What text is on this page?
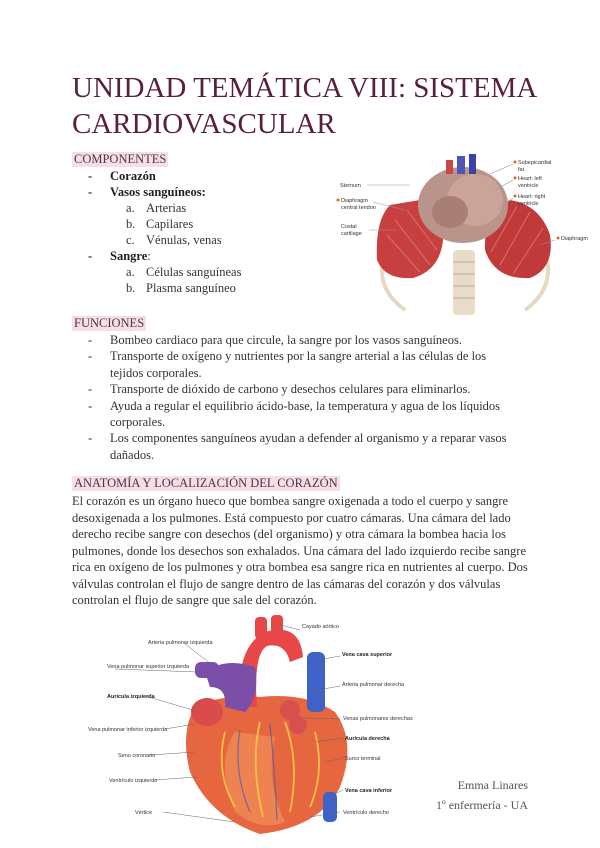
UNIDAD TEMÁTICA VIII: SISTEMA CARDIOVASCULAR
COMPONENTES
-	Corazón
-	Vasos sanguíneos:
a. Arterias
b. Capilares
c. Vénulas, venas
-	Sangre:
a. Células sanguíneas
b. Plasma sanguíneo
Sternum
Diaphragm
central tendon
Costal
cartilage
Subepicardial
fat
Heart: left
ventricle
Heart: right
ventricle
Diaphragm
FUNCIONES
-	Bombeo cardiaco para que circule, la sangre por los vasos sanguíneos.
-	Transporte de oxígeno y nutrientes por la sangre arterial a las células de los
tejidos corporales.
-	Transporte de dióxido de carbono y desechos celulares para eliminarlos.
-	Ayuda a regular el equilibrio ácido-base, la temperatura y agua de los líquidos
corporales.
-	Los componentes sanguíneos ayudan a defender al organismo y a reparar vasos
dañados.
ANATOMÍA Y LOCALIZACIÓN DEL CORAZÓN

El corazón es un órgano hueco que bombea sangre oxigenada a todo el cuerpo y sangre desoxigenada a los pulmones. Está compuesto por cuatro cámaras. Una cámara del lado derecho recibe sangre con desechos (del organismo) y otra cámara la bombea hacia los pulmones, donde los desechos son exhalados. Una cámara del lado izquierdo recibe sangre rica en oxígeno de los pulmones y otra bombea esa sangre rica en nutrientes al cuerpo. Dos válvulas controlan el flujo de sangre dentro de las cámaras del corazón y dos válvulas controlan el flujo de sangre que sale del corazón.

Arteria pulmonar izquierda
Cayado aórtico
Vena pulmonar superior izquierda
Vena cava superior
Arteria pulmonar derecha
Aurícula izquierda
Venas pulmonares derechas
Vena pulmonar inferior izquierda
Aurícula derecha
Seno coronario	Surco terminal
Ventrículo izquierdo
Vena cava inferior
Vértice	Ventrículo derecho
Emma Linares
1º enfermería - UA
